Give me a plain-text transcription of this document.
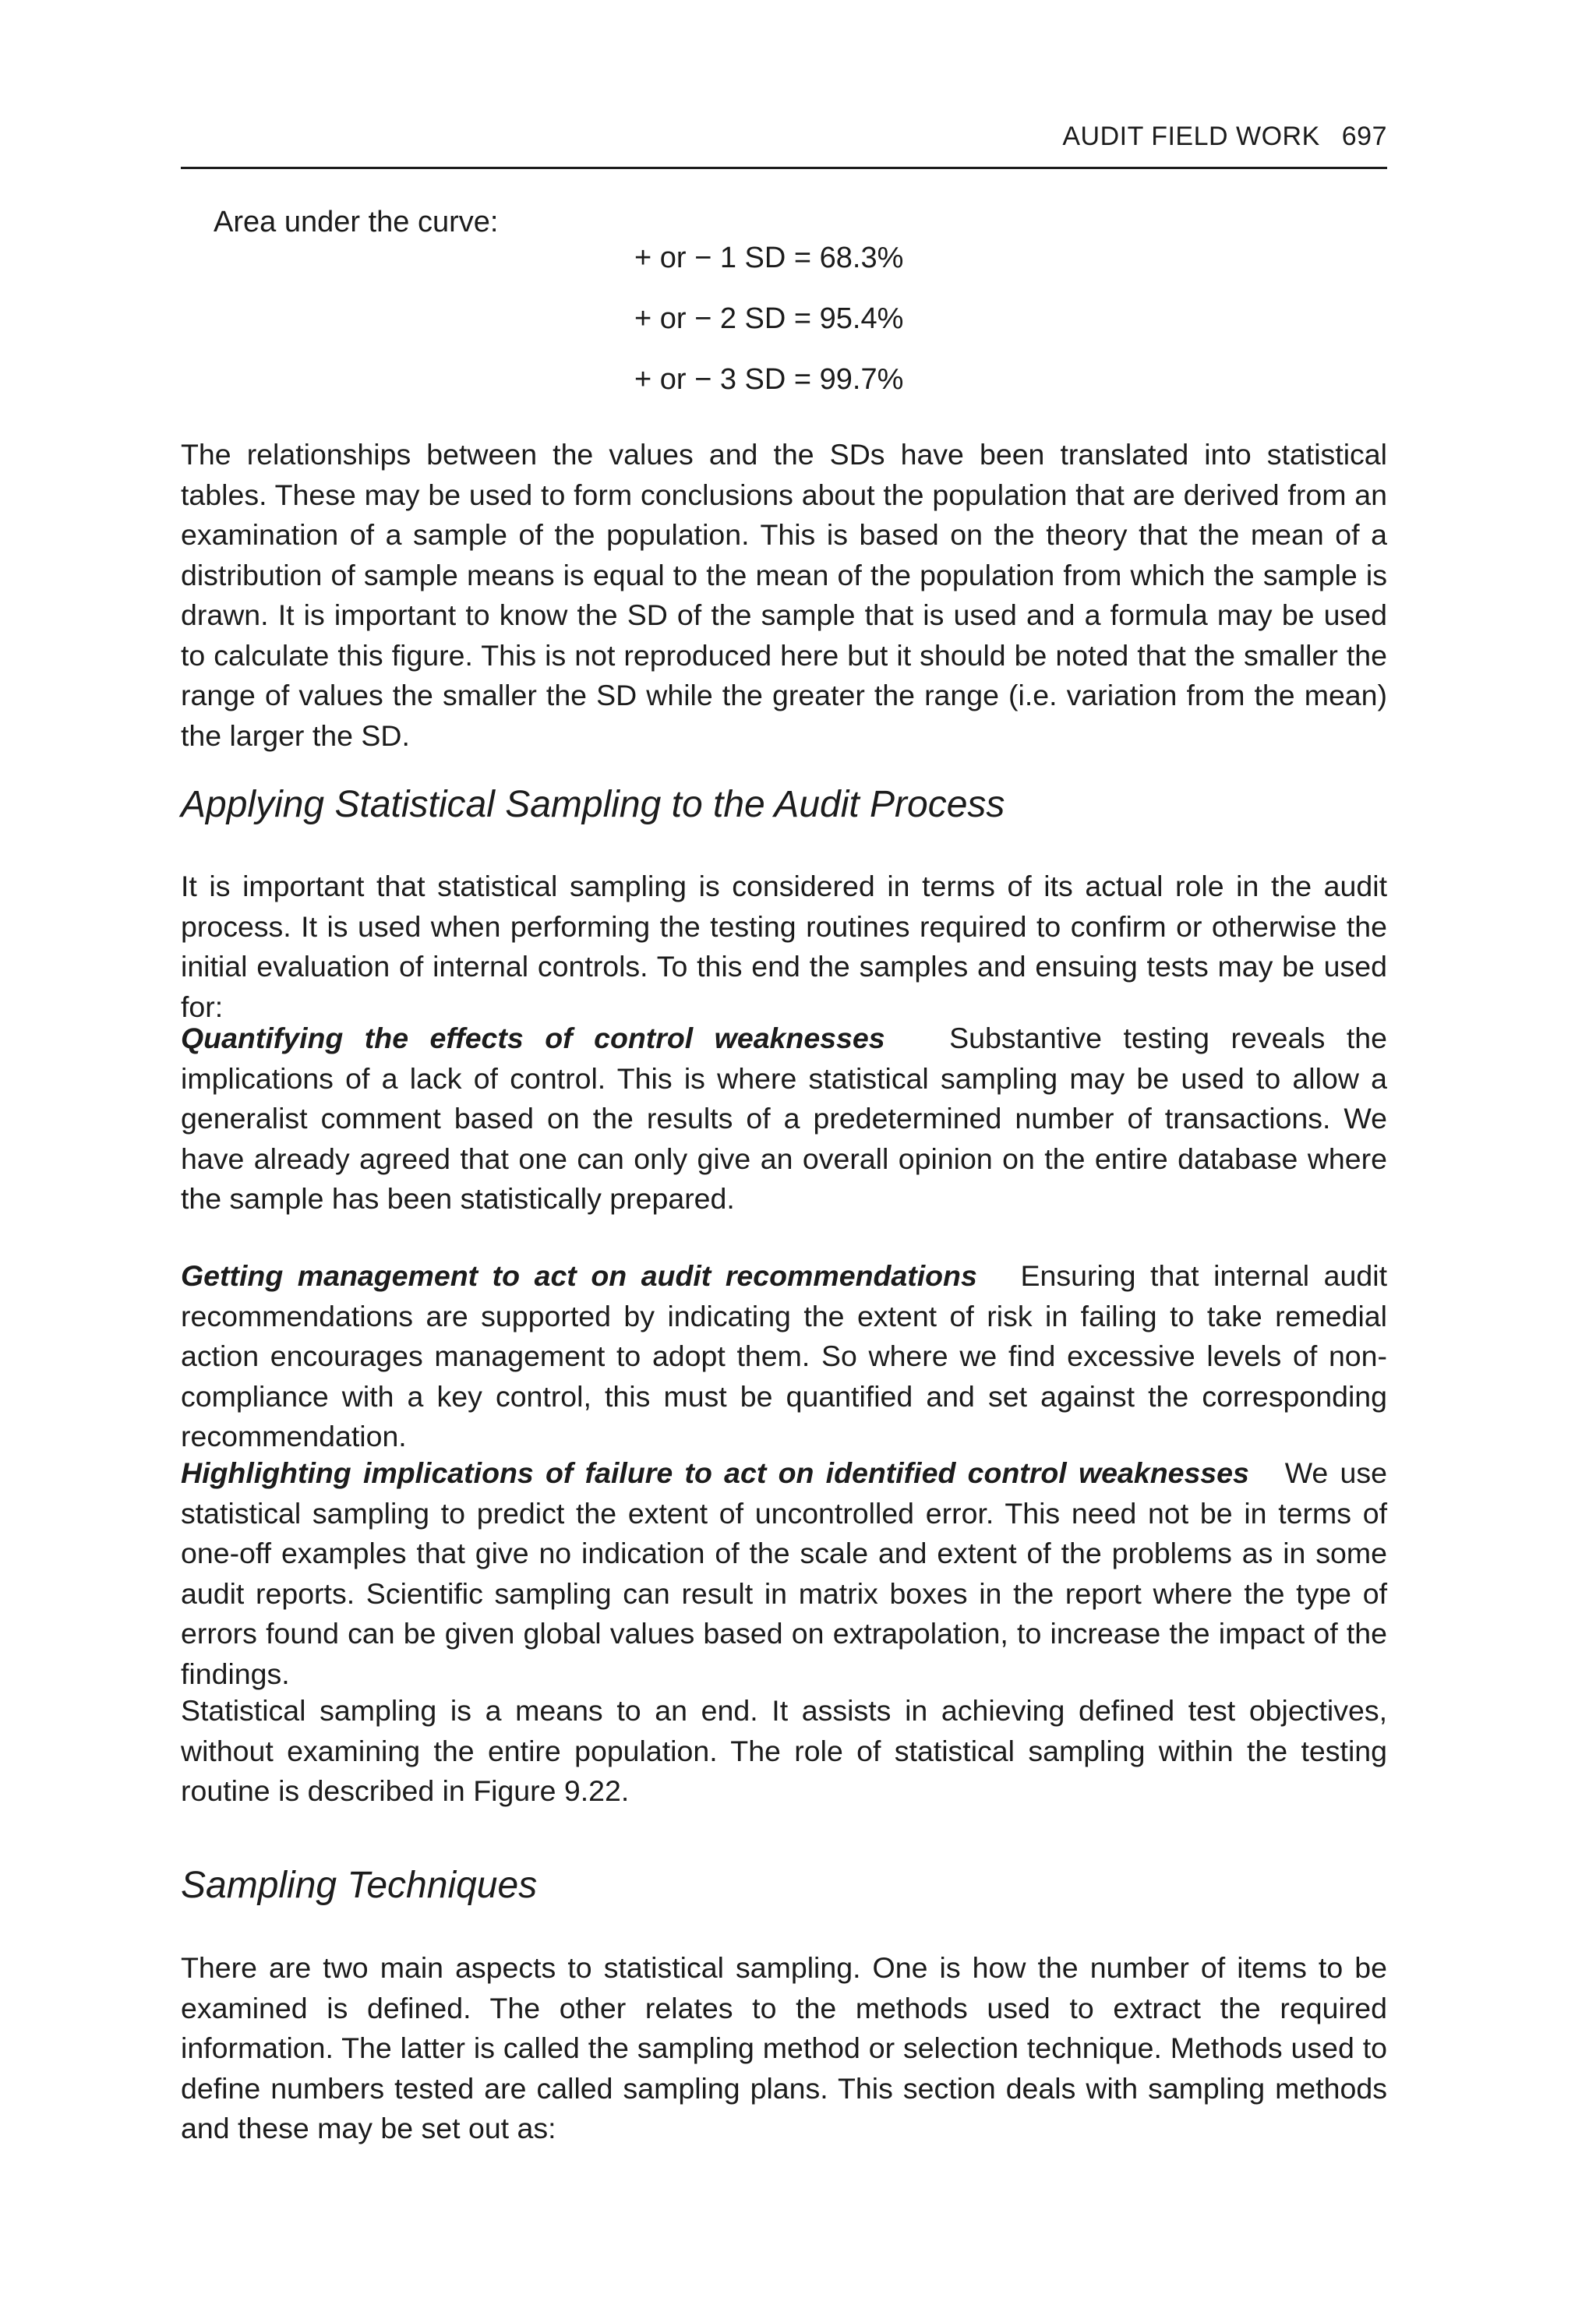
AUDIT FIELD WORK 697
Area under the curve:
+ or − 1 SD = 68.3%
+ or − 2 SD = 95.4%
+ or − 3 SD = 99.7%

The relationships between the values and the SDs have been translated into statistical tables. These may be used to form conclusions about the population that are derived from an examination of a sample of the population. This is based on the theory that the mean of a distribution of sample means is equal to the mean of the population from which the sample is drawn. It is important to know the SD of the sample that is used and a formula may be used to calculate this figure. This is not reproduced here but it should be noted that the smaller the range of values the smaller the SD while the greater the range (i.e. variation from the mean) the larger the SD.

Applying Statistical Sampling to the Audit Process

It is important that statistical sampling is considered in terms of its actual role in the audit process. It is used when performing the testing routines required to confirm or otherwise the initial evaluation of internal controls. To this end the samples and ensuing tests may be used for:

Quantifying the effects of control weaknesses Substantive testing reveals the implications of a lack of control. This is where statistical sampling may be used to allow a generalist comment based on the results of a predetermined number of transactions. We have already agreed that one can only give an overall opinion on the entire database where the sample has been statistically prepared.

Getting management to act on audit recommendations Ensuring that internal audit recommendations are supported by indicating the extent of risk in failing to take remedial action encourages management to adopt them. So where we find excessive levels of non-compliance with a key control, this must be quantified and set against the corresponding recommendation.

Highlighting implications of failure to act on identified control weaknesses We use statistical sampling to predict the extent of uncontrolled error. This need not be in terms of one-off examples that give no indication of the scale and extent of the problems as in some audit reports. Scientific sampling can result in matrix boxes in the report where the type of errors found can be given global values based on extrapolation, to increase the impact of the findings.

Statistical sampling is a means to an end. It assists in achieving defined test objectives, without examining the entire population. The role of statistical sampling within the testing routine is described in Figure 9.22.

Sampling Techniques

There are two main aspects to statistical sampling. One is how the number of items to be examined is defined. The other relates to the methods used to extract the required information. The latter is called the sampling method or selection technique. Methods used to define numbers tested are called sampling plans. This section deals with sampling methods and these may be set out as:
